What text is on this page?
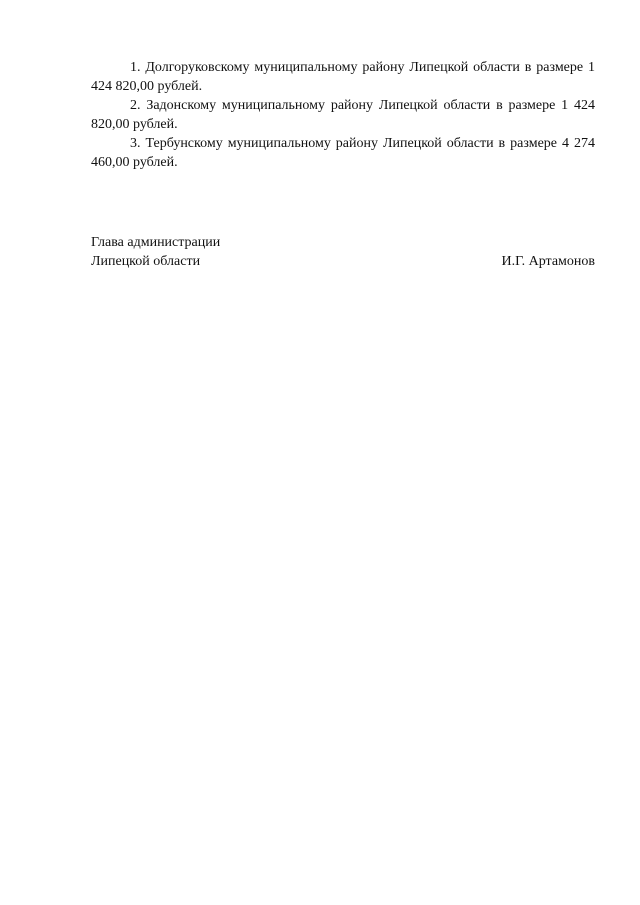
1. Долгоруковскому муниципальному району Липецкой области в размере 1 424 820,00 рублей.

2. Задонскому муниципальному району Липецкой области в размере 1 424 820,00 рублей.

3. Тербунскому муниципальному району Липецкой области в размере 4 274 460,00 рублей.

Глава администрации
Липецкой области	И.Г. Артамонов
